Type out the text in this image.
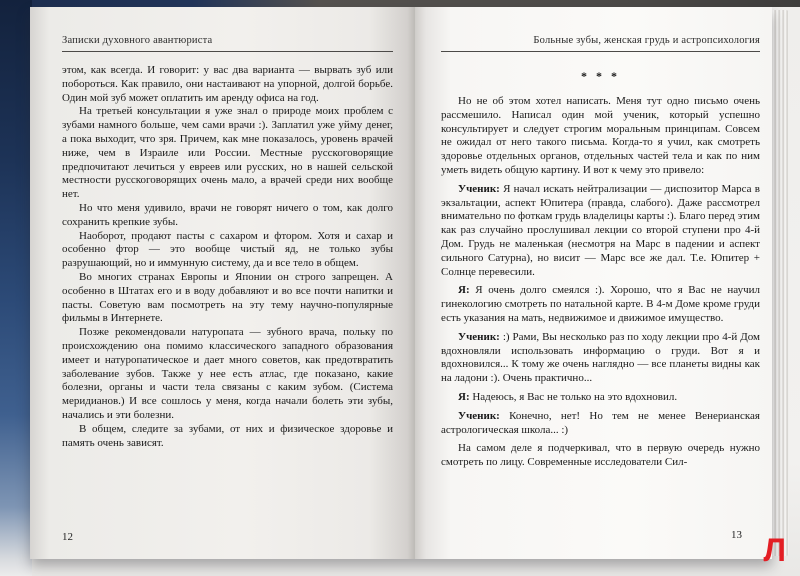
Записки духовного авантюриста

этом, как всегда. И говорит: у вас два варианта — вырвать зуб или побороться. Как правило, они настаивают на упорной, долгой борьбе. Один мой зуб может оплатить им аренду офиса на год.

На третьей консультации я уже знал о природе моих проблем с зубами намного больше, чем сами врачи :). Заплатил уже уйму денег, а пока выходит, что зря. Причем, как мне показалось, уровень врачей ниже, чем в Израиле или России. Местные русскоговорящие предпочитают лечиться у евреев или русских, но в нашей сельской местности русскоговорящих очень мало, а врачей среди них вообще нет.

Но что меня удивило, врачи не говорят ничего о том, как долго сохранить крепкие зубы.

Наоборот, продают пасты с сахаром и фтором. Хотя и сахар и особенно фтор — это вообще чистый яд, не только зубы разрушающий, но и иммунную систему, да и все тело в общем.

Во многих странах Европы и Японии он строго запрещен. А особенно в Штатах его и в воду добавляют и во все почти напитки и пасты. Советую вам посмотреть на эту тему научно-популярные фильмы в Интернете.

Позже рекомендовали натуропата — зубного врача, польку по происхождению она помимо классического западного образования имеет и натуропатическое и дает много советов, как предотвратить заболевание зубов. Также у нее есть атлас, где показано, какие болезни, органы и части тела связаны с каким зубом. (Система меридианов.) И все сошлось у меня, когда начали болеть эти зубы, начались и эти болезни.

В общем, следите за зубами, от них и физическое здоровье и память очень зависят.

12
Больные зубы, женская грудь и астропсихология
* * *

Но не об этом хотел написать. Меня тут одно письмо очень рассмешило. Написал один мой ученик, который успешно консультирует и следует строгим моральным принципам. Совсем не ожидал от него такого письма. Когда-то я учил, как смотреть здоровье отдельных органов, отдельных частей тела и как по ним уметь видеть общую картину. И вот к чему это привело:

Ученик: Я начал искать нейтрализации — диспозитор Марса в экзальтации, аспект Юпитера (правда, слабого). Даже рассмотрел внимательно по фоткам грудь владелицы карты :). Благо перед этим как раз случайно прослушивал лекции со второй ступени про 4-й Дом. Грудь не маленькая (несмотря на Марс в падении и аспект сильного Сатурна), но висит — Марс все же дал. Т.е. Юпитер + Солнце перевесили.

Я: Я очень долго смеялся :). Хорошо, что я Вас не научил гинекологию смотреть по натальной карте. В 4-м Доме кроме груди есть указания на мать, недвижимое и движимое имущество.

Ученик: :) Рами, Вы несколько раз по ходу лекции про 4-й Дом вдохновляли использовать информацию о груди. Вот я и вдохновился... К тому же очень наглядно — все планеты видны как на ладони :). Очень практично...

Я: Надеюсь, я Вас не только на это вдохновил.

Ученик: Конечно, нет! Но тем не менее Венерианская астрологическая школа... :)

На самом деле я подчеркивал, что в первую очередь нужно смотреть по лицу. Современные исследователи Сил-

13 Л
